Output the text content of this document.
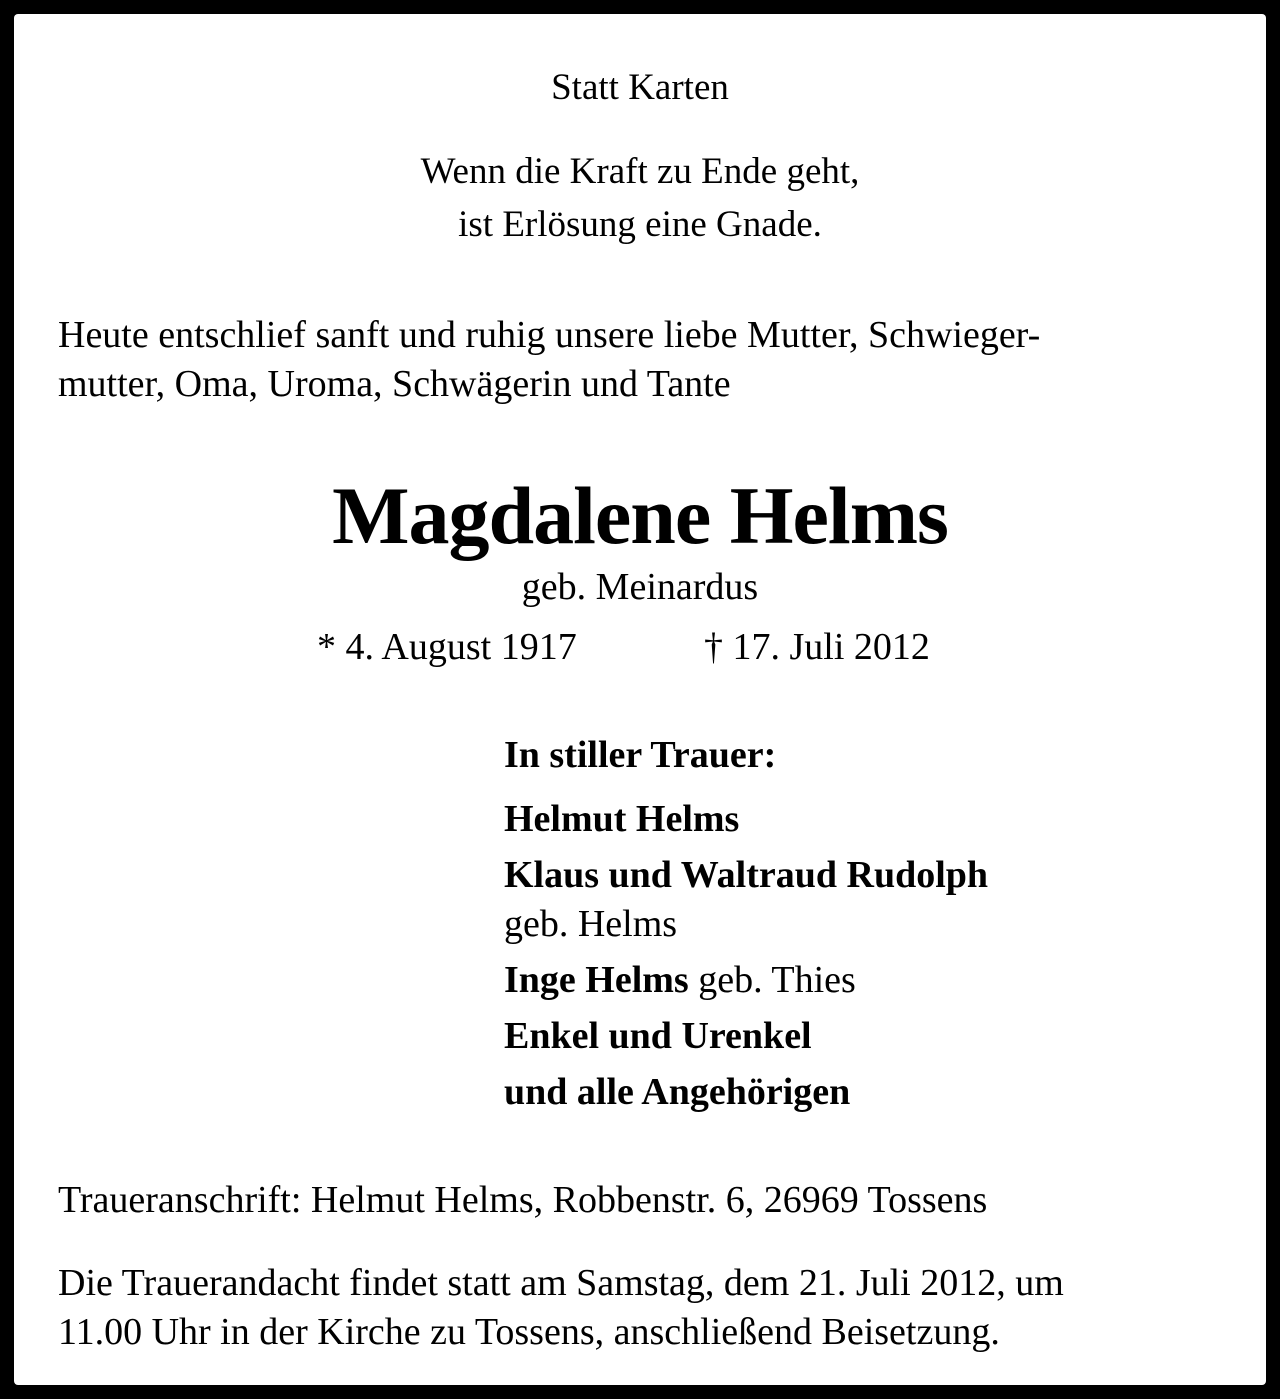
Statt Karten
Wenn die Kraft zu Ende geht,
ist Erlösung eine Gnade.
Heute entschlief sanft und ruhig unsere liebe Mutter, Schwieger-
mutter, Oma, Uroma, Schwägerin und Tante
Magdalene Helms
geb. Meinardus
* 4. August 1917	† 17. Juli 2012
In stiller Trauer:
Helmut Helms
Klaus und Waltraud Rudolph
geb. Helms
Inge Helms geb. Thies
Enkel und Urenkel
und alle Angehörigen
Traueranschrift: Helmut Helms, Robbenstr. 6, 26969 Tossens
Die Trauerandacht findet statt am Samstag, dem 21. Juli 2012, um
11.00 Uhr in der Kirche zu Tossens, anschließend Beisetzung.
